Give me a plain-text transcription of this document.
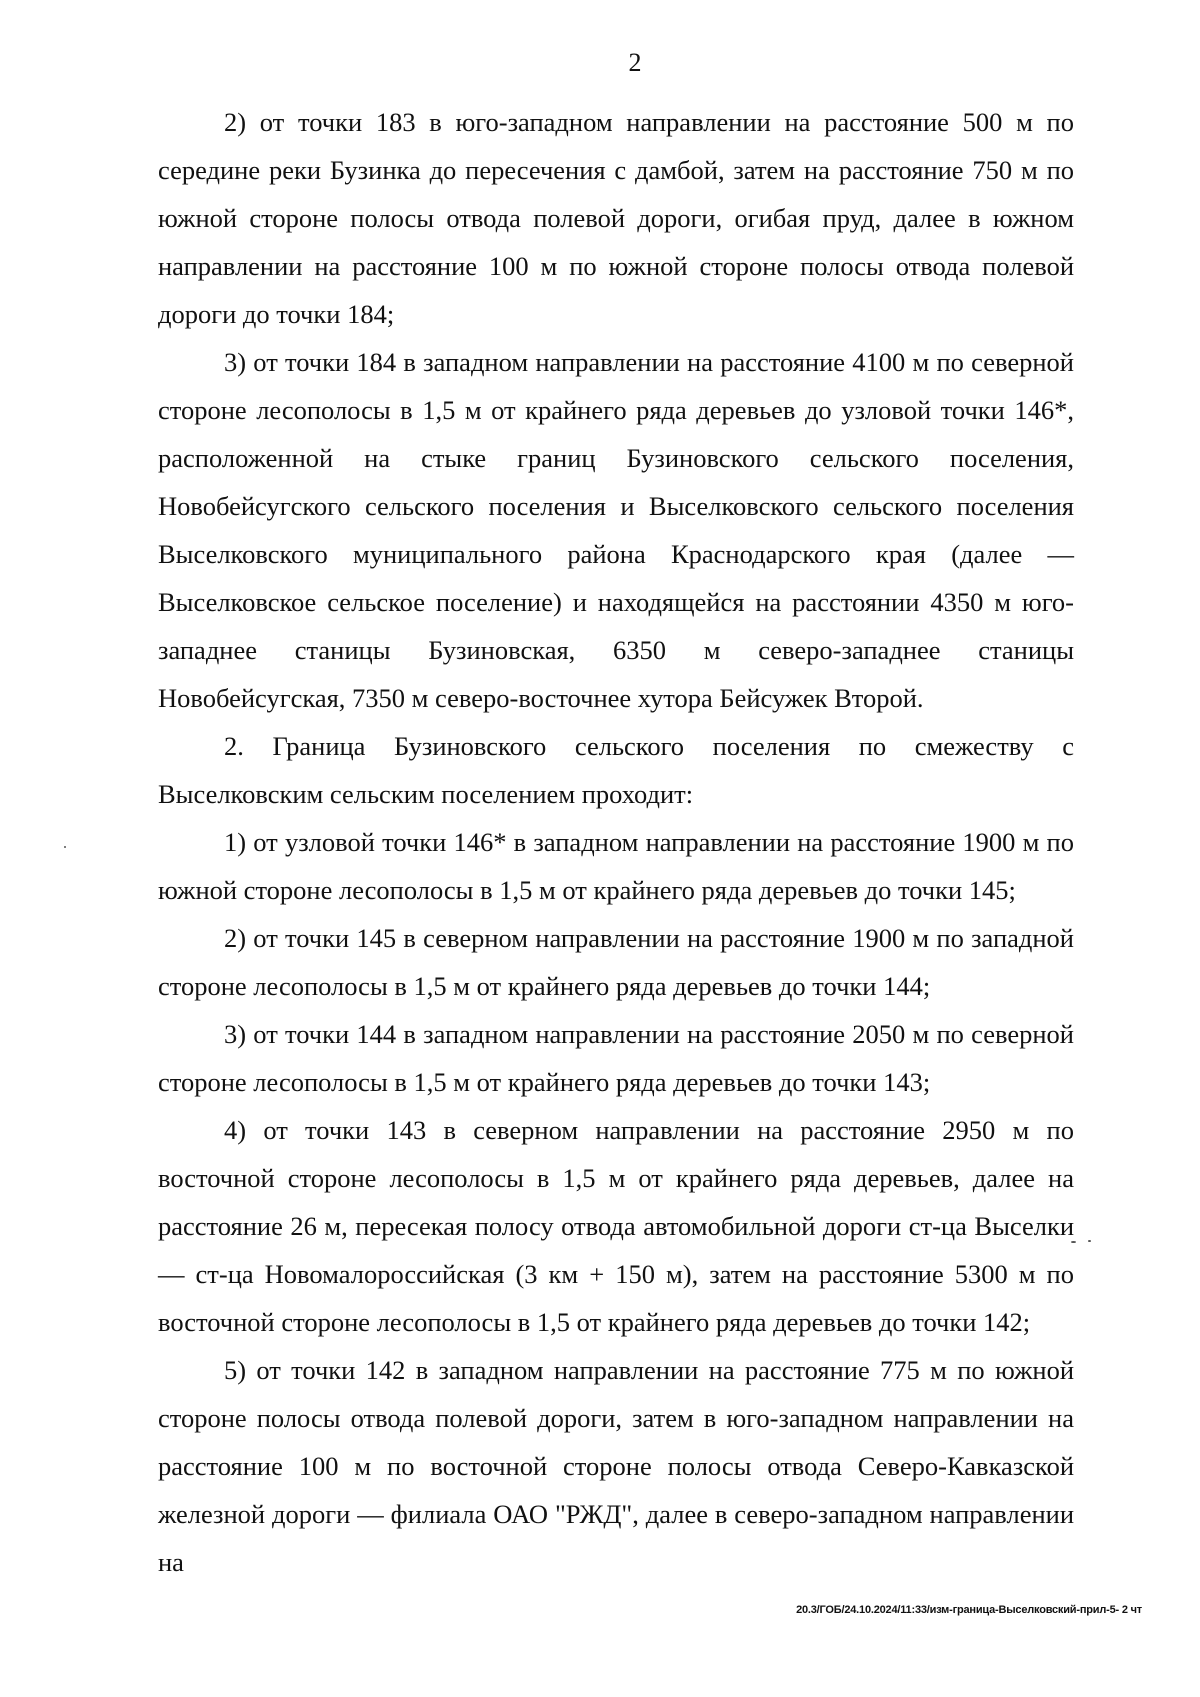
2

2) от точки 183 в юго-западном направлении на расстояние 500 м по середине реки Бузинка до пересечения с дамбой, затем на расстояние 750 м по южной стороне полосы отвода полевой дороги, огибая пруд, далее в южном направлении на расстояние 100 м по южной стороне полосы отвода полевой дороги до точки 184;

3) от точки 184 в западном направлении на расстояние 4100 м по северной стороне лесополосы в 1,5 м от крайнего ряда деревьев до узловой точки 146*, расположенной на стыке границ Бузиновского сельского поселения, Новобейсугского сельского поселения и Выселковского сельского поселения Выселковского муниципального района Краснодарского края (далее — Выселковское сельское поселение) и находящейся на расстоянии 4350 м юго-западнее станицы Бузиновская, 6350 м северо-западнее станицы Новобейсугская, 7350 м северо-восточнее хутора Бейсужек Второй.

2. Граница Бузиновского сельского поселения по смежеству с Выселковским сельским поселением проходит:

1) от узловой точки 146* в западном направлении на расстояние 1900 м по южной стороне лесополосы в 1,5 м от крайнего ряда деревьев до точки 145;

2) от точки 145 в северном направлении на расстояние 1900 м по западной стороне лесополосы в 1,5 м от крайнего ряда деревьев до точки 144;

3) от точки 144 в западном направлении на расстояние 2050 м по северной стороне лесополосы в 1,5 м от крайнего ряда деревьев до точки 143;

4) от точки 143 в северном направлении на расстояние 2950 м по восточной стороне лесополосы в 1,5 м от крайнего ряда деревьев, далее на расстояние 26 м, пересекая полосу отвода автомобильной дороги ст-ца Выселки — ст-ца Новомалороссийская (3 км + 150 м), затем на расстояние 5300 м по восточной стороне лесополосы в 1,5 от крайнего ряда деревьев до точки 142;

5) от точки 142 в западном направлении на расстояние 775 м по южной стороне полосы отвода полевой дороги, затем в юго-западном направлении на расстояние 100 м по восточной стороне полосы отвода Северо-Кавказской железной дороги — филиала ОАО "РЖД", далее в северо-западном направлении на

20.3/ГОБ/24.10.2024/11:33/изм-граница-Выселковский-прил-5- 2 чт
